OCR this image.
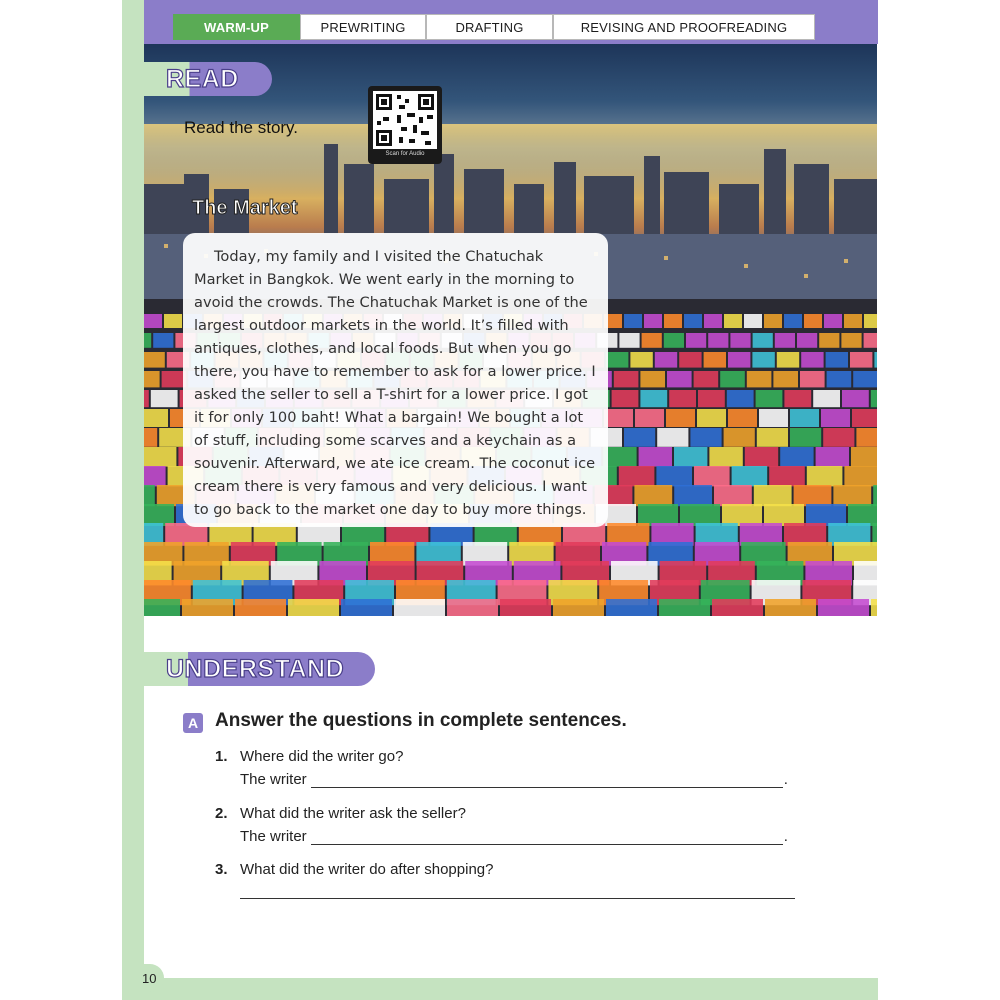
WARM-UP	PREWRITING	DRAFTING	REVISING AND PROOFREADING
READ
Read the story.
Scan for Audio
The Market

Today, my family and I visited the Chatuchak Market in Bangkok. We went early in the morning to avoid the crowds. The Chatuchak Market is one of the largest outdoor markets in the world. It’s filled with antiques, clothes, and local foods. But when you go there, you have to remember to ask for a lower price. I asked the seller to sell a T-shirt for a lower price. I got it for only 100 baht! What a bargain! We bought a lot of stuff, including some scarves and a keychain as a souvenir. Afterward, we ate ice cream. The coconut ice cream there is very famous and very delicious. I want to go back to the market one day to buy more things.

UNDERSTAND
A Answer the questions in complete sentences.
1. Where did the writer go?
The writer	.
2. What did the writer ask the seller?
The writer	.
3. What did the writer do after shopping?
10
